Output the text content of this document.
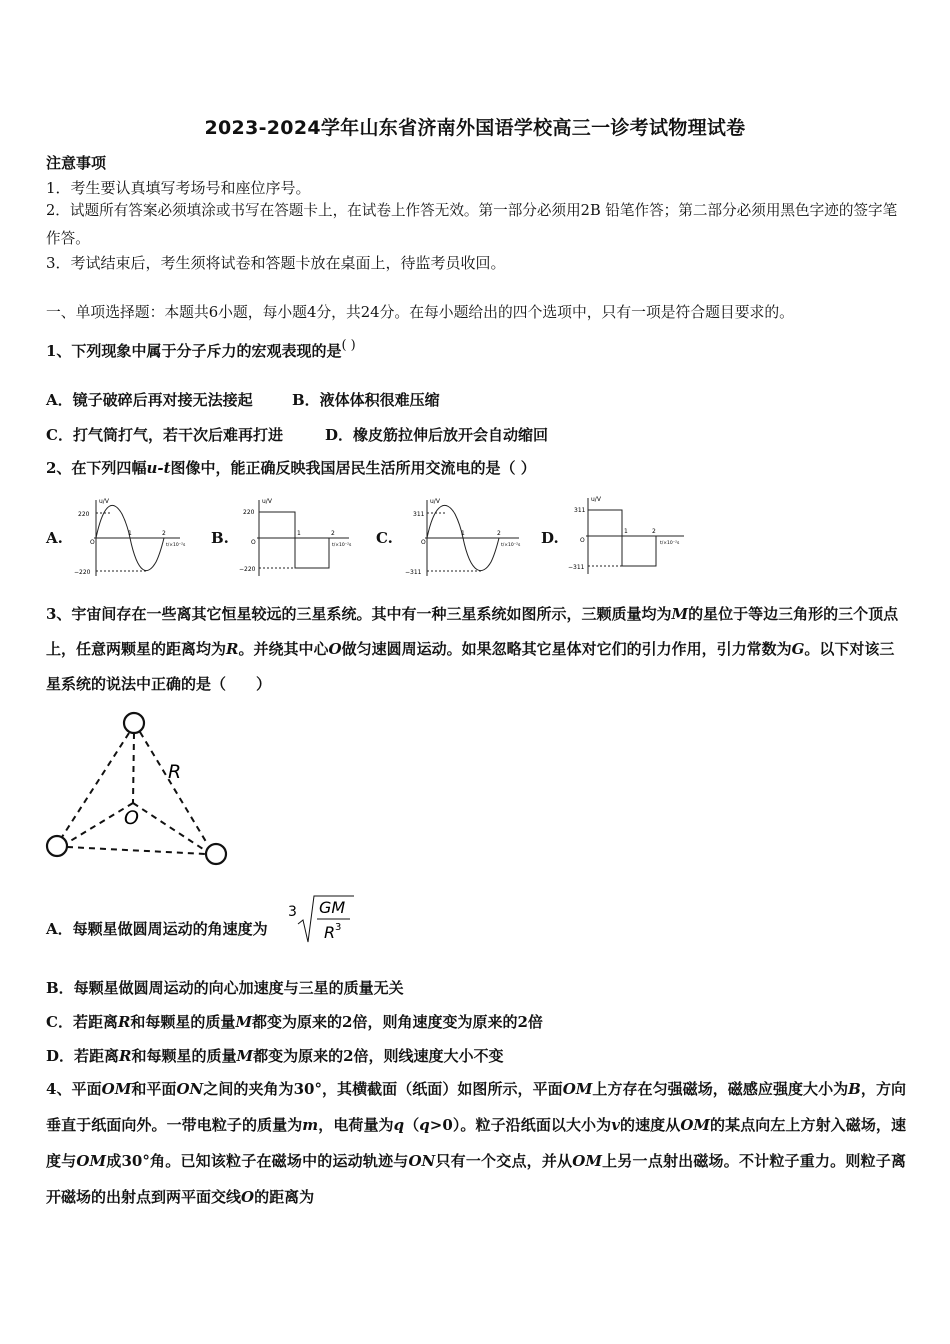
2023-2024学年山东省济南外国语学校高三一诊考试物理试卷
注意事项
1．考生要认真填写考场号和座位序号。
2．试题所有答案必须填涂或书写在答题卡上，在试卷上作答无效。第一部分必须用2B 铅笔作答；第二部分必须用黑色字迹的签字笔作答。
3．考试结束后，考生须将试卷和答题卡放在桌面上，待监考员收回。
一、单项选择题：本题共6小题，每小题4分，共24分。在每小题给出的四个选项中，只有一项是符合题目要求的。
1、下列现象中属于分子斥力的宏观表现的是( )
A．镜子破碎后再对接无法接起	B．液体体积很难压缩
C．打气筒打气，若干次后难再打进	D．橡皮筋拉伸后放开会自动缩回
2、在下列四幅u-t图像中，能正确反映我国居民生活所用交流电的是（ ）
A.	B.	C.	D.
u/V
220
−220
O
1	2
t/×10⁻²s
u/V
220
−220
O
1	2
t/×10⁻²s
u/V
311
−311
O
1	2
t/×10⁻²s
u/V
311
−311
O
1	2
t/×10⁻²s
3、宇宙间存在一些离其它恒星较远的三星系统。其中有一种三星系统如图所示，三颗质量均为M的星位于等边三角形的三个顶点上，任意两颗星的距离均为R。并绕其中心O做匀速圆周运动。如果忽略其它星体对它们的引力作用，引力常数为G。以下对该三星系统的说法中正确的是（　　）
R
O
A．每颗星做圆周运动的角速度为
3 GM
R 3
B．每颗星做圆周运动的向心加速度与三星的质量无关
C．若距离R和每颗星的质量M都变为原来的2倍，则角速度变为原来的2倍
D．若距离R和每颗星的质量M都变为原来的2倍，则线速度大小不变
4、平面OM和平面ON之间的夹角为30°，其横截面（纸面）如图所示，平面OM上方存在匀强磁场，磁感应强度大小为B，方向垂直于纸面向外。一带电粒子的质量为m，电荷量为q（q>0）。粒子沿纸面以大小为v的速度从OM的某点向左上方射入磁场，速度与OM成30°角。已知该粒子在磁场中的运动轨迹与ON只有一个交点，并从OM上另一点射出磁场。不计粒子重力。则粒子离开磁场的出射点到两平面交线O的距离为
